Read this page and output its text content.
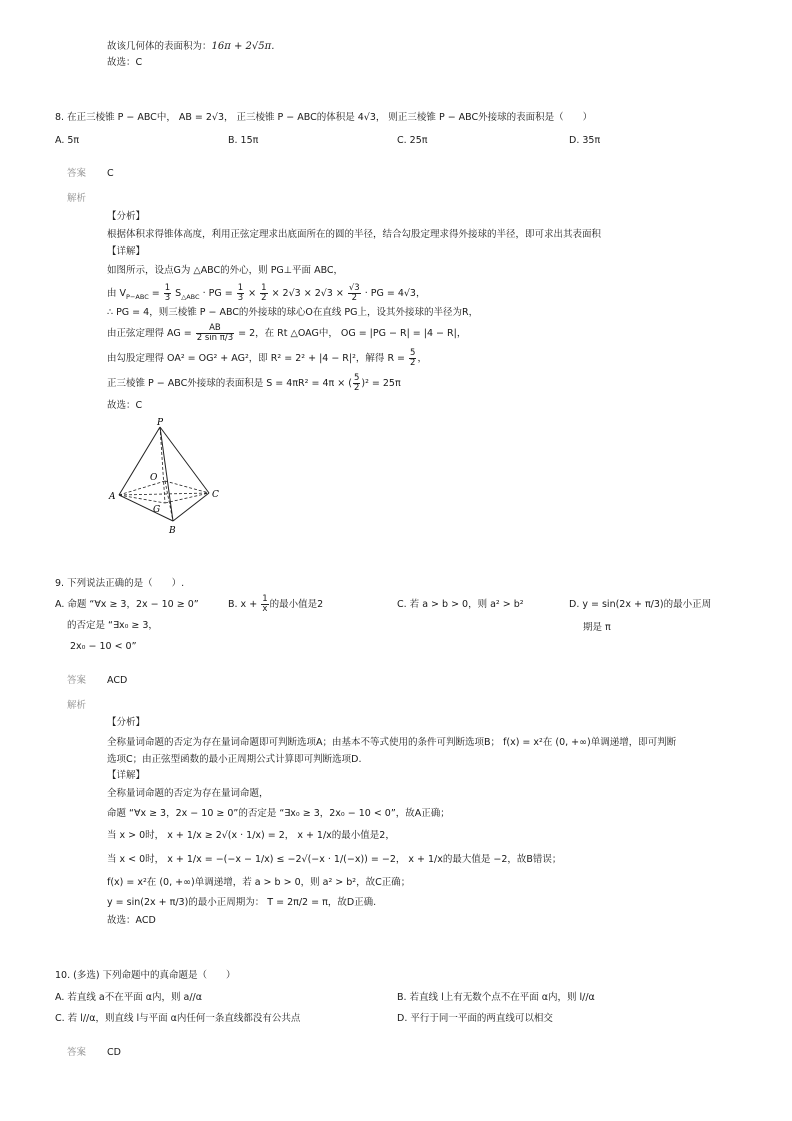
故该几何体的表面积为：16π + 2√5π.
故选：C
8. 在正三棱锥 P − ABC中， AB = 2√3， 正三棱锥 P − ABC的体积是 4√3， 则正三棱锥 P − ABC外接球的表面积是（　　）
A. 5π	B. 15π	C. 25π	D. 35π
答案 C
解析
【分析】
根据体积求得锥体高度，利用正弦定理求出底面所在的圆的半径，结合勾股定理求得外接球的半径，即可求出其表面积
【详解】
如图所示，设点G为 △ABC的外心，则 PG⊥平面 ABC，
由 $V_{P-ABC} = \frac{1}{3} S_{\triangle ABC}$ · PG = $\frac{1}{3} \times \frac{1}{2} \times 2√3 \times 2√3 \times \frac{√3}{2}$ · PG = 4√3，
∴ PG = 4，则三棱锥 P − ABC的外接球的球心O在直线 PG上，设其外接球的半径为R，
由正弦定理得 AG = $\frac{AB}{\text{2 sin π/3}} = 2$，在 Rt △OAG中， OG = |PG − R| = |4 − R|，
由勾股定理得 OA² = OG² + AG²，即 R² = 2² + |4 − R|²，解得 $R = \frac{5}{2}$ ，
正三棱锥 P − ABC外接球的表面积是 S = 4πR² = 4π × ( $\frac{5}{2} )^2 = 25\pi$
故选：C
P
O
G
A
B
C
9. 下列说法正确的是（　　）.
A. 命题 “∀x ≥ 3，2x − 10 ≥ 0”
的否定是 “∃x₀ ≥ 3，
2x₀ − 10 < 0”
B. $x + \frac{1}{x}$ 的最小值是2	C. 若 a > b > 0，则 a² > b²	D. y = sin(2x + π/3)的最小正周
期是 π
答案 ACD
解析
【分析】
全称量词命题的否定为存在量词命题即可判断选项A；由基本不等式使用的条件可判断选项B； f(x) = x²在 (0, +∞)单调递增，即可判断
选项C；由正弦型函数的最小正周期公式计算即可判断选项D.
【详解】
全称量词命题的否定为存在量词命题，
命题 “∀x ≥ 3，2x − 10 ≥ 0”的否定是 “∃x₀ ≥ 3，2x₀ − 10 < 0”，故A正确；
当 x > 0时， x + 1/x ≥ 2√(x · 1/x) = 2， x + 1/x的最小值是2，
当 x < 0时， x + 1/x = −(−x − 1/x) ≤ −2√(−x · 1/(−x)) = −2， x + 1/x的最大值是 −2，故B错误；
f(x) = x²在 (0, +∞)单调递增，若 a > b > 0，则 a² > b²，故C正确；
y = sin(2x + π/3)的最小正周期为： T = 2π/2 = π，故D正确.
故选：ACD
10. (多选) 下列命题中的真命题是（　　）
A. 若直线 a不在平面 α内，则 a//α	B. 若直线 l上有无数个点不在平面 α内，则 l//α
C. 若 l//α，则直线 l与平面 α内任何一条直线都没有公共点	D. 平行于同一平面的两直线可以相交
答案 CD
